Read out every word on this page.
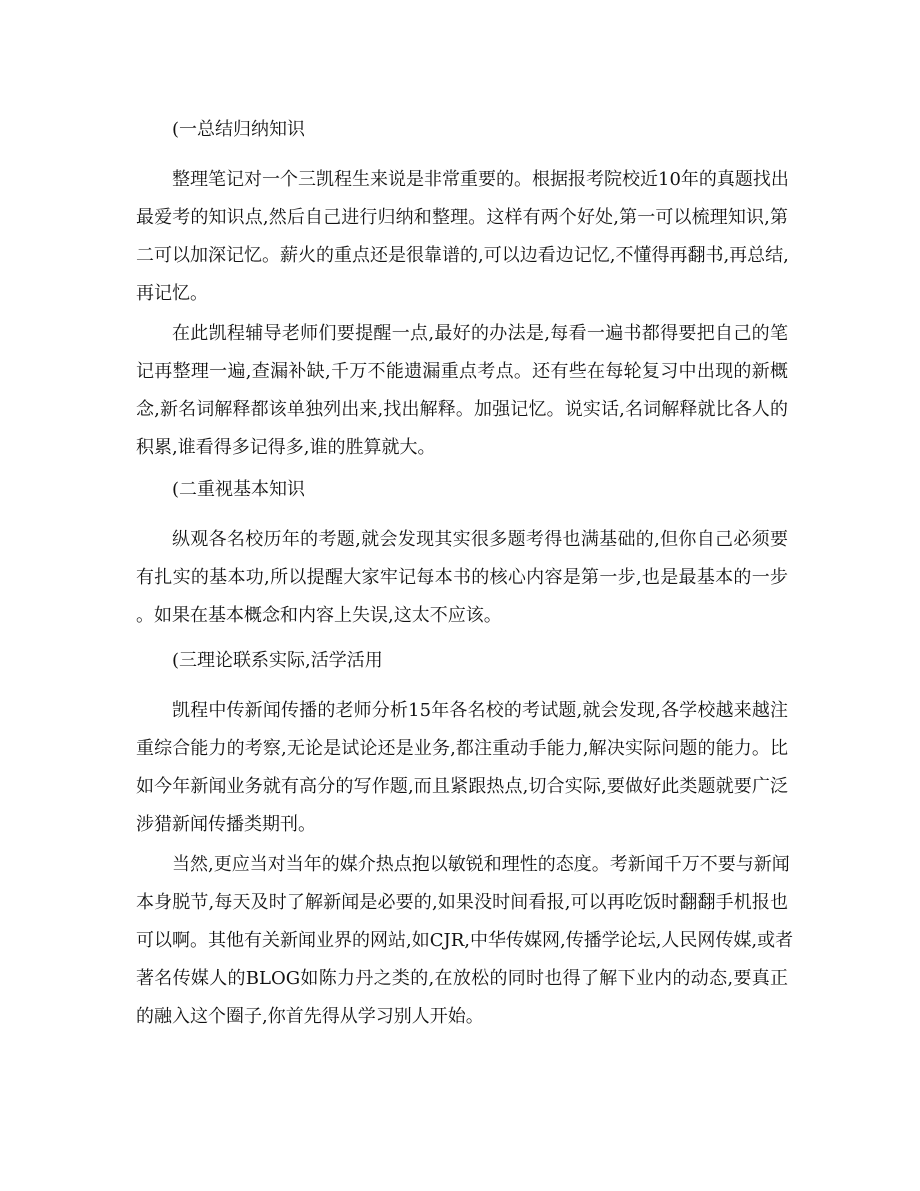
(一总结归纳知识
整理笔记对一个三凯程生来说是非常重要的。根据报考院校近10年的真题找出
最爱考的知识点,然后自己进行归纳和整理。这样有两个好处,第一可以梳理知识,第
二可以加深记忆。薪火的重点还是很靠谱的,可以边看边记忆,不懂得再翻书,再总结,
再记忆。
在此凯程辅导老师们要提醒一点,最好的办法是,每看一遍书都得要把自己的笔
记再整理一遍,查漏补缺,千万不能遗漏重点考点。还有些在每轮复习中出现的新概
念,新名词解释都该单独列出来,找出解释。加强记忆。说实话,名词解释就比各人的
积累,谁看得多记得多,谁的胜算就大。
(二重视基本知识
纵观各名校历年的考题,就会发现其实很多题考得也满基础的,但你自己必须要
有扎实的基本功,所以提醒大家牢记每本书的核心内容是第一步,也是最基本的一步
。如果在基本概念和内容上失误,这太不应该。
(三理论联系实际,活学活用
凯程中传新闻传播的老师分析15年各名校的考试题,就会发现,各学校越来越注
重综合能力的考察,无论是试论还是业务,都注重动手能力,解决实际问题的能力。比
如今年新闻业务就有高分的写作题,而且紧跟热点,切合实际,要做好此类题就要广泛
涉猎新闻传播类期刊。
当然,更应当对当年的媒介热点抱以敏锐和理性的态度。考新闻千万不要与新闻
本身脱节,每天及时了解新闻是必要的,如果没时间看报,可以再吃饭时翻翻手机报也
可以啊。其他有关新闻业界的网站,如CJR,中华传媒网,传播学论坛,人民网传媒,或者
著名传媒人的BLOG如陈力丹之类的,在放松的同时也得了解下业内的动态,要真正
的融入这个圈子,你首先得从学习别人开始。
